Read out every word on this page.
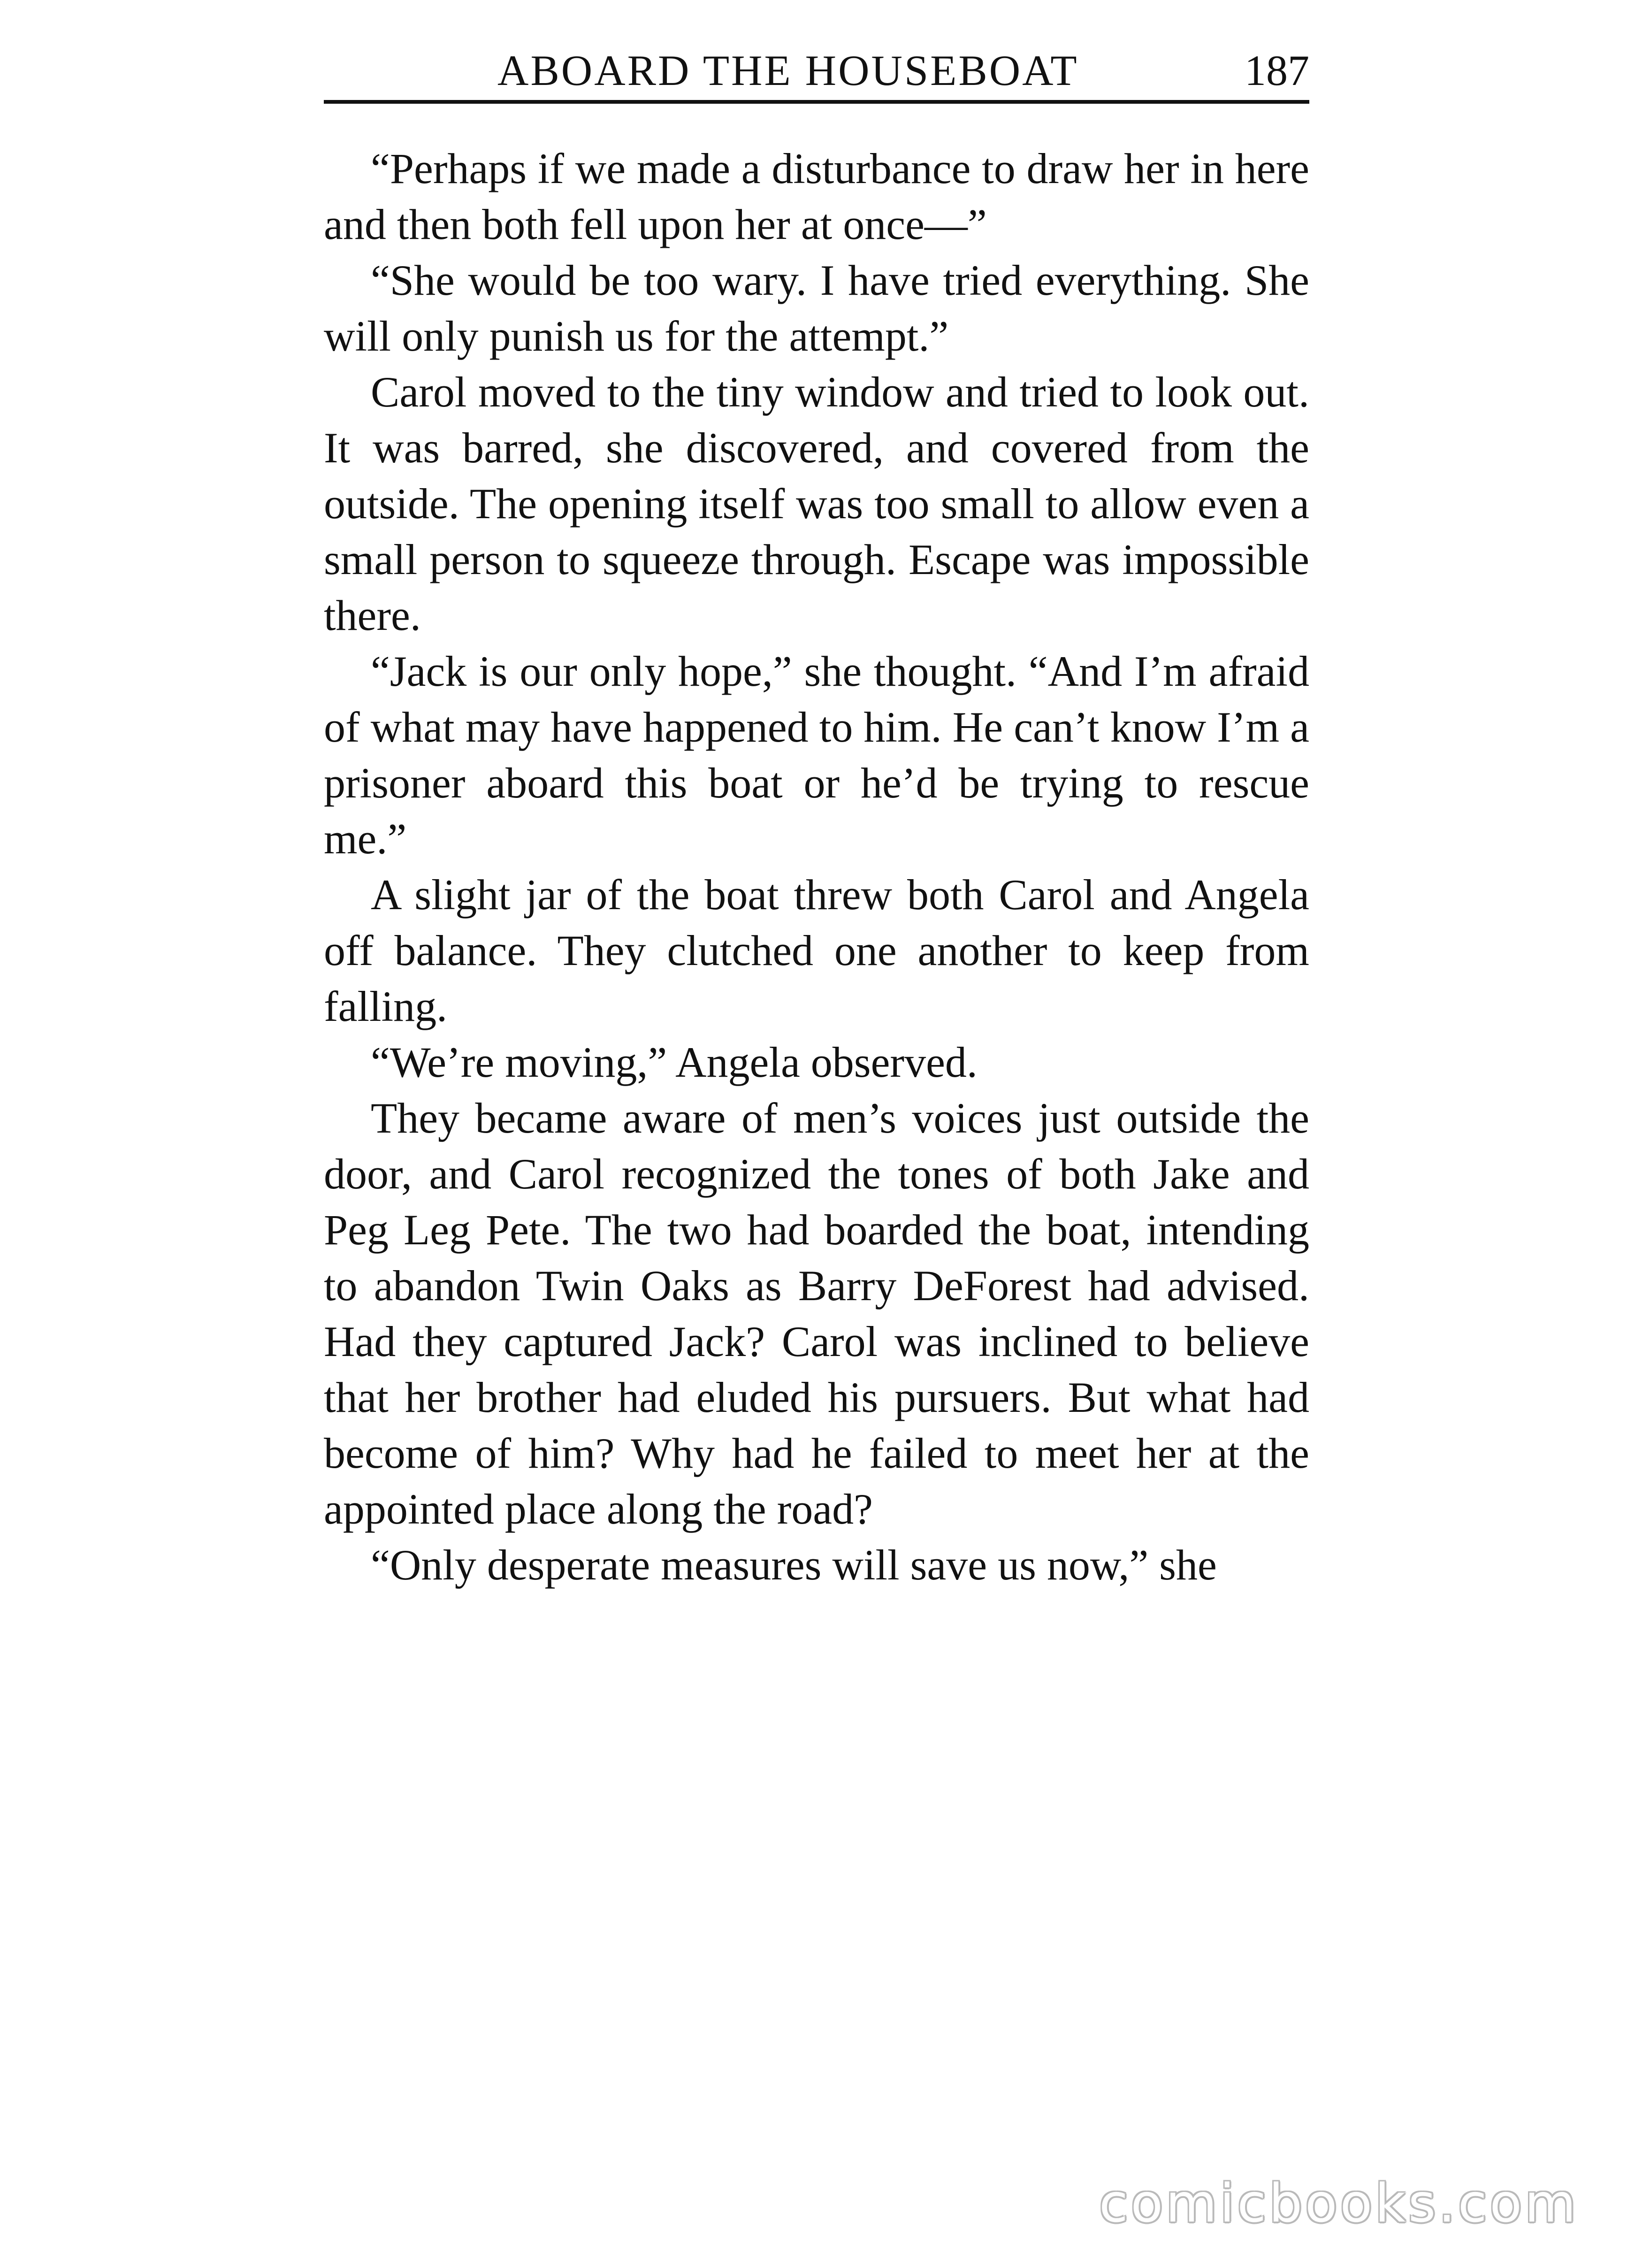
ABOARD THE HOUSEBOAT	187

“Perhaps if we made a disturbance to draw her in here and then both fell upon her at once—”

“She would be too wary. I have tried everything. She will only punish us for the attempt.”

Carol moved to the tiny window and tried to look out. It was barred, she discovered, and covered from the outside. The opening itself was too small to allow even a small person to squeeze through. Escape was impossible there.

“Jack is our only hope,” she thought. “And I’m afraid of what may have happened to him. He can’t know I’m a prisoner aboard this boat or he’d be trying to rescue me.”

A slight jar of the boat threw both Carol and Angela off balance. They clutched one another to keep from falling.

“We’re moving,” Angela observed.

They became aware of men’s voices just outside the door, and Carol recognized the tones of both Jake and Peg Leg Pete. The two had boarded the boat, intending to abandon Twin Oaks as Barry DeForest had advised. Had they captured Jack? Carol was inclined to believe that her brother had eluded his pursuers. But what had become of him? Why had he failed to meet her at the appointed place along the road?

“Only desperate measures will save us now,” she

comicbooks.com
